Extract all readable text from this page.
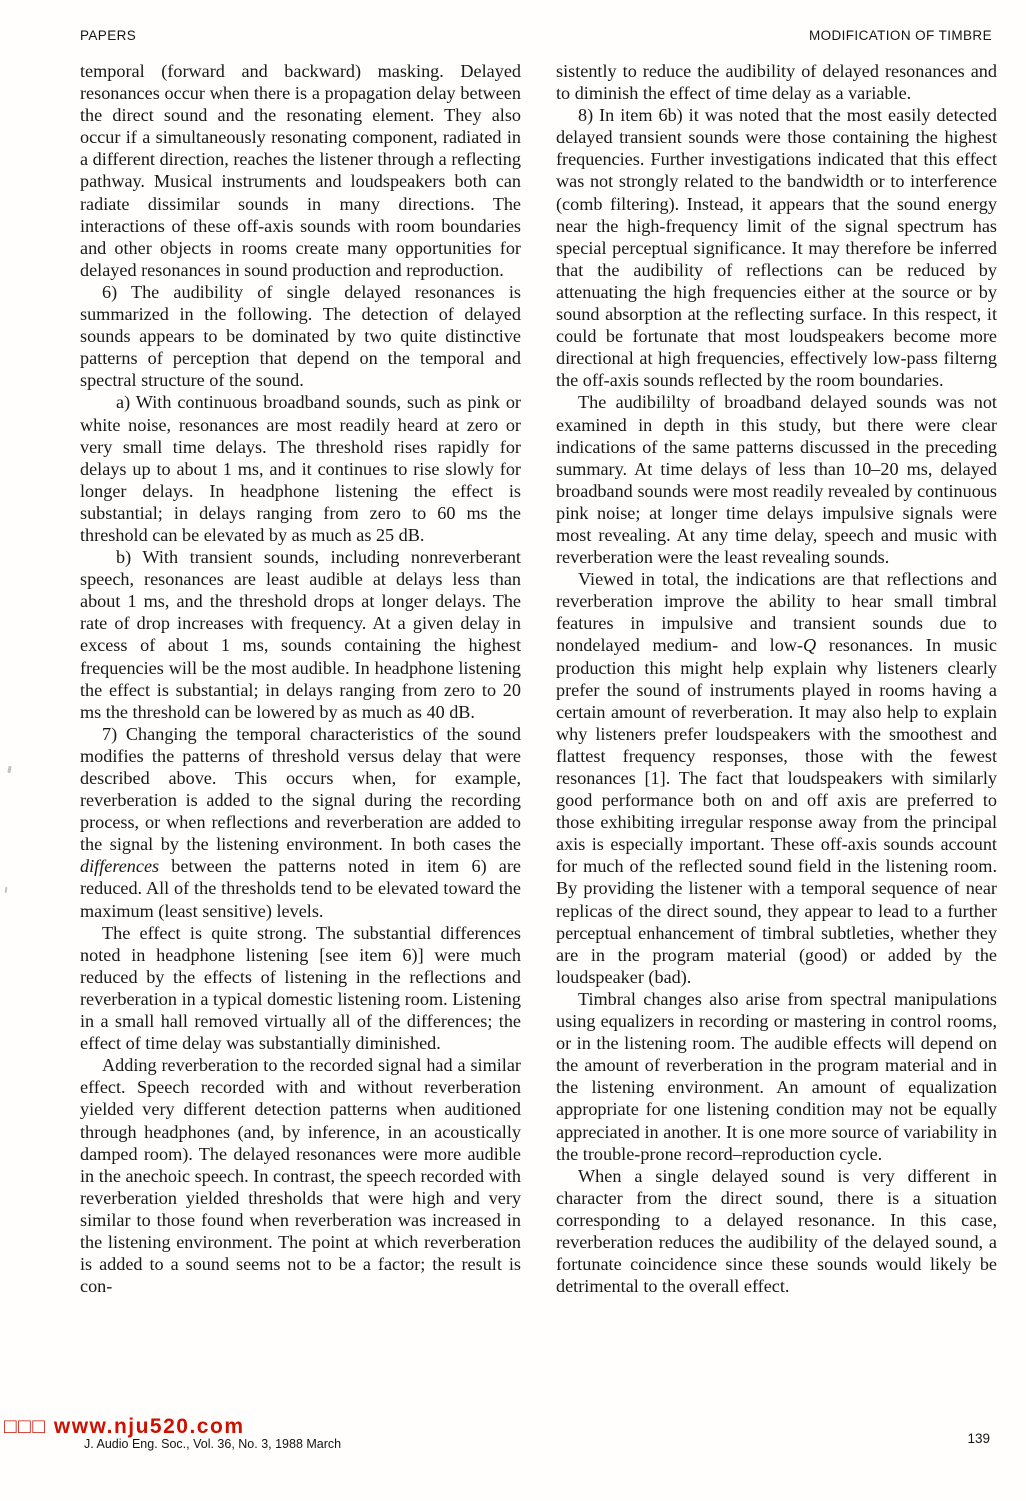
PAPERS	MODIFICATION OF TIMBRE

temporal (forward and backward) masking. Delayed resonances occur when there is a propagation delay between the direct sound and the resonating element. They also occur if a simultaneously resonating component, radiated in a different direction, reaches the listener through a reflecting pathway. Musical instruments and loudspeakers both can radiate dissimilar sounds in many directions. The interactions of these off-axis sounds with room boundaries and other objects in rooms create many opportunities for delayed resonances in sound production and reproduction.

6) The audibility of single delayed resonances is summarized in the following. The detection of delayed sounds appears to be dominated by two quite distinctive patterns of perception that depend on the temporal and spectral structure of the sound.

a) With continuous broadband sounds, such as pink or white noise, resonances are most readily heard at zero or very small time delays. The threshold rises rapidly for delays up to about 1 ms, and it continues to rise slowly for longer delays. In headphone listening the effect is substantial; in delays ranging from zero to 60 ms the threshold can be elevated by as much as 25 dB.

b) With transient sounds, including nonreverberant speech, resonances are least audible at delays less than about 1 ms, and the threshold drops at longer delays. The rate of drop increases with frequency. At a given delay in excess of about 1 ms, sounds containing the highest frequencies will be the most audible. In headphone listening the effect is substantial; in delays ranging from zero to 20 ms the threshold can be lowered by as much as 40 dB.

7) Changing the temporal characteristics of the sound modifies the patterns of threshold versus delay that were described above. This occurs when, for example, reverberation is added to the signal during the recording process, or when reflections and reverberation are added to the signal by the listening environment. In both cases the differences between the patterns noted in item 6) are reduced. All of the thresholds tend to be elevated toward the maximum (least sensitive) levels.

The effect is quite strong. The substantial differences noted in headphone listening [see item 6)] were much reduced by the effects of listening in the reflections and reverberation in a typical domestic listening room. Listening in a small hall removed virtually all of the differences; the effect of time delay was substantially diminished.

Adding reverberation to the recorded signal had a similar effect. Speech recorded with and without reverberation yielded very different detection patterns when auditioned through headphones (and, by inference, in an acoustically damped room). The delayed resonances were more audible in the anechoic speech. In contrast, the speech recorded with reverberation yielded thresholds that were high and very similar to those found when reverberation was increased in the listening environment. The point at which reverberation is added to a sound seems not to be a factor; the result is con-

sistently to reduce the audibility of delayed resonances and to diminish the effect of time delay as a variable.

8) In item 6b) it was noted that the most easily detected delayed transient sounds were those containing the highest frequencies. Further investigations indicated that this effect was not strongly related to the bandwidth or to interference (comb filtering). Instead, it appears that the sound energy near the high-frequency limit of the signal spectrum has special perceptual significance. It may therefore be inferred that the audibility of reflections can be reduced by attenuating the high frequencies either at the source or by sound absorption at the reflecting surface. In this respect, it could be fortunate that most loudspeakers become more directional at high frequencies, effectively low-pass filterng the off-axis sounds reflected by the room boundaries.

The audibililty of broadband delayed sounds was not examined in depth in this study, but there were clear indications of the same patterns discussed in the preceding summary. At time delays of less than 10–20 ms, delayed broadband sounds were most readily revealed by continuous pink noise; at longer time delays impulsive signals were most revealing. At any time delay, speech and music with reverberation were the least revealing sounds.

Viewed in total, the indications are that reflections and reverberation improve the ability to hear small timbral features in impulsive and transient sounds due to nondelayed medium- and low-Q resonances. In music production this might help explain why listeners clearly prefer the sound of instruments played in rooms having a certain amount of reverberation. It may also help to explain why listeners prefer loudspeakers with the smoothest and flattest frequency responses, those with the fewest resonances [1]. The fact that loudspeakers with similarly good performance both on and off axis are preferred to those exhibiting irregular response away from the principal axis is especially important. These off-axis sounds account for much of the reflected sound field in the listening room. By providing the listener with a temporal sequence of near replicas of the direct sound, they appear to lead to a further perceptual enhancement of timbral subtleties, whether they are in the program material (good) or added by the loudspeaker (bad).

Timbral changes also arise from spectral manipulations using equalizers in recording or mastering in control rooms, or in the listening room. The audible effects will depend on the amount of reverberation in the program material and in the listening environment. An amount of equalization appropriate for one listening condition may not be equally appreciated in another. It is one more source of variability in the trouble-prone record–reproduction cycle.

When a single delayed sound is very different in character from the direct sound, there is a situation corresponding to a delayed resonance. In this case, reverberation reduces the audibility of the delayed sound, a fortunate coincidence since these sounds would likely be detrimental to the overall effect.

□□□ www.nju520.com
J. Audio Eng. Soc., Vol. 36, No. 3, 1988 March	139
